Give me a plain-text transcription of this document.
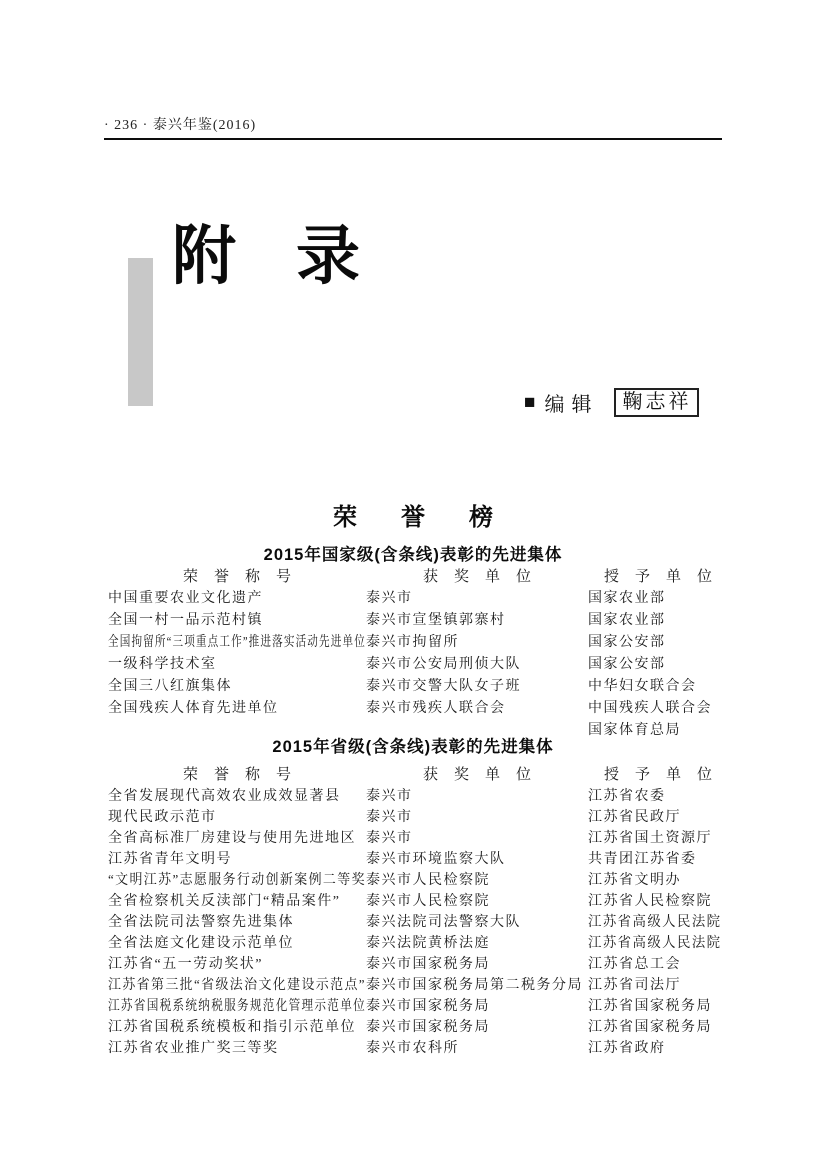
· 236 · 泰兴年鉴(2016)
附录
■ 编辑	鞠志祥
荣誉榜
2015年国家级(含条线)表彰的先进集体
荣誉称号	获奖单位	授予单位
中国重要农业文化遗产	泰兴市	国家农业部
全国一村一品示范村镇	泰兴市宣堡镇郭寨村	国家农业部
全国拘留所“三项重点工作”推进落实活动先进单位 泰兴市拘留所	国家公安部
一级科学技术室	泰兴市公安局刑侦大队	国家公安部
全国三八红旗集体	泰兴市交警大队女子班	中华妇女联合会
全国残疾人体育先进单位	泰兴市残疾人联合会	中国残疾人联合会
国家体育总局
2015年省级(含条线)表彰的先进集体
荣誉称号	获奖单位	授予单位
全省发展现代高效农业成效显著县	泰兴市	江苏省农委
现代民政示范市	泰兴市	江苏省民政厅
全省高标准厂房建设与使用先进地区 泰兴市	江苏省国土资源厅
江苏省青年文明号	泰兴市环境监察大队	共青团江苏省委
“文明江苏”志愿服务行动创新案例二等奖 泰兴市人民检察院	江苏省文明办
全省检察机关反渎部门“精品案件”	泰兴市人民检察院	江苏省人民检察院
全省法院司法警察先进集体	泰兴法院司法警察大队	江苏省高级人民法院
全省法庭文化建设示范单位	泰兴法院黄桥法庭	江苏省高级人民法院
江苏省“五一劳动奖状”	泰兴市国家税务局	江苏省总工会
江苏省第三批“省级法治文化建设示范点” 泰兴市国家税务局第二税务分局 江苏省司法厅
江苏省国税系统纳税服务规范化管理示范单位 泰兴市国家税务局	江苏省国家税务局
江苏省国税系统模板和指引示范单位 泰兴市国家税务局	江苏省国家税务局
江苏省农业推广奖三等奖	泰兴市农科所	江苏省政府
